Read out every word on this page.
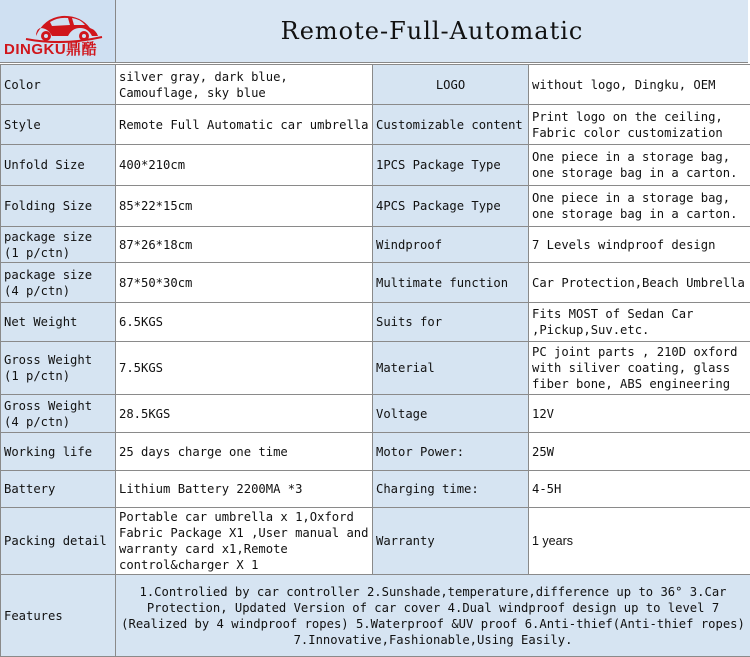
DINGKU鼎酷
Remote-Full-Automatic
Color	silver gray, dark blue, Camouflage, sky blue	LOGO	without logo, Dingku, OEM
Style	Remote Full Automatic car umbrella	Customizable content	Print logo on the ceiling, Fabric color customization
Unfold Size	400*210cm	1PCS Package Type	One piece in a storage bag, one storage bag in a carton.
Folding Size	85*22*15cm	4PCS Package Type	One piece in a storage bag, one storage bag in a carton.
package size (1 p/ctn)	87*26*18cm	Windproof	7 Levels windproof design
package size (4 p/ctn)	87*50*30cm	Multimate function	Car Protection,Beach Umbrella
Net Weight	6.5KGS	Suits for	Fits MOST of Sedan Car ,Pickup,Suv.etc.
Gross Weight (1 p/ctn)	7.5KGS	Material	PC joint parts , 210D oxford with siliver coating, glass fiber bone, ABS engineering
Gross Weight (4 p/ctn)	28.5KGS	Voltage	12V
Working life	25 days charge one time	Motor Power:	25W
Battery	Lithium Battery 2200MA *3	Charging time:	4-5H
Packing detail	Portable car umbrella x 1,Oxford Fabric Package X1 ,User manual and warranty card x1,Remote control&charger X 1	Warranty	1 years
Features	1.Controlied by car controller 2.Sunshade,temperature,difference up to 36° 3.Car Protection, Updated Version of car cover 4.Dual windproof design up to level 7 (Realized by 4 windproof ropes) 5.Waterproof &UV proof 6.Anti-thief(Anti-thief ropes) 7.Innovative,Fashionable,Using Easily.		
